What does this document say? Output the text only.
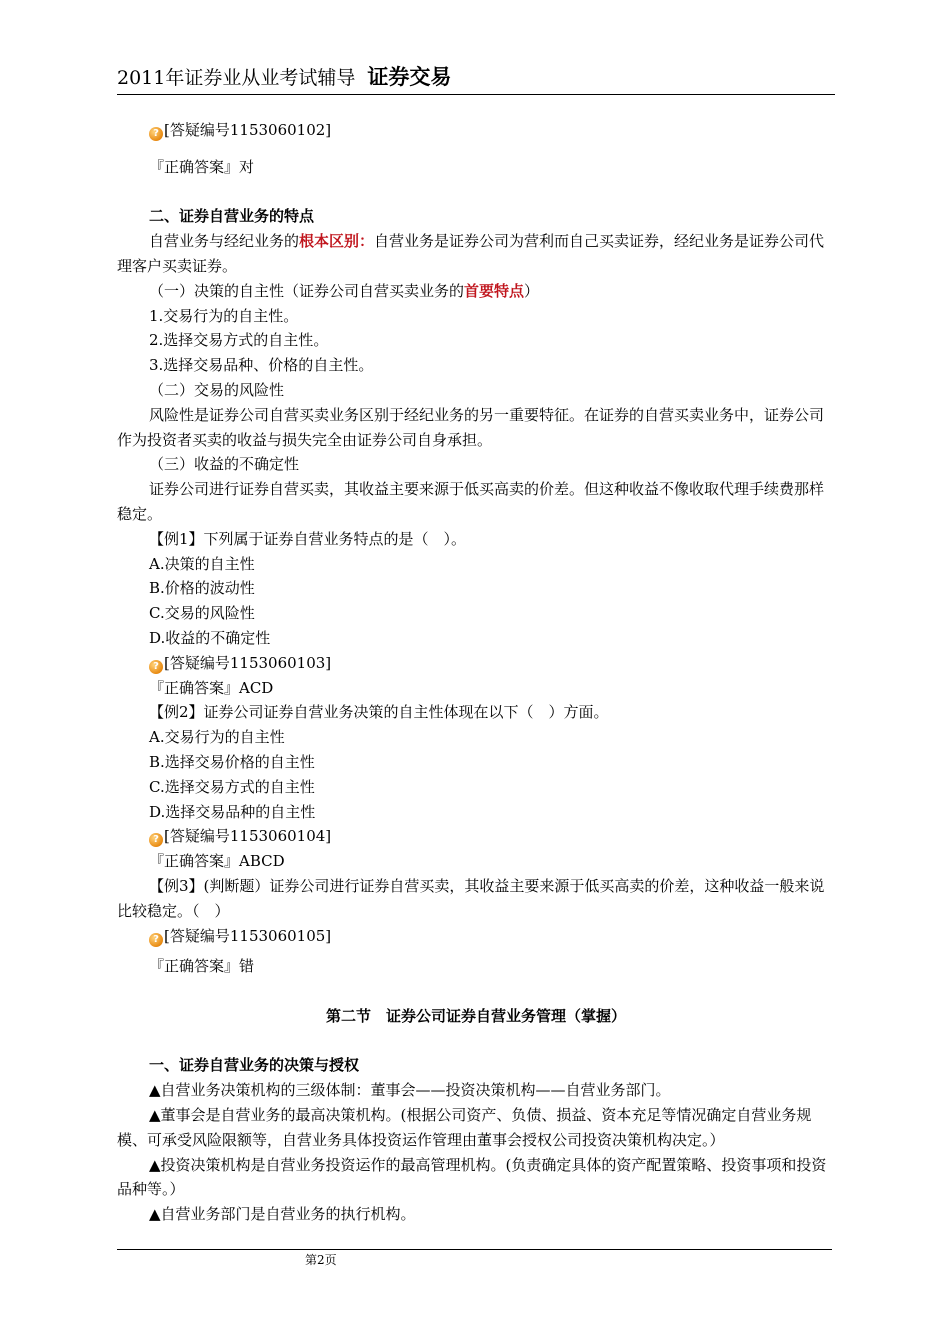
2011年证券业从业考试辅导 证券交易

? [答疑编号1153060102]

『正确答案』对

二、证券自营业务的特点

自营业务与经纪业务的根本区别：自营业务是证券公司为营利而自己买卖证券，经纪业务是证券公司代理客户买卖证券。

（一）决策的自主性（证券公司自营买卖业务的首要特点）

1.交易行为的自主性。

2.选择交易方式的自主性。

3.选择交易品种、价格的自主性。

（二）交易的风险性

风险性是证券公司自营买卖业务区别于经纪业务的另一重要特征。在证券的自营买卖业务中，证券公司作为投资者买卖的收益与损失完全由证券公司自身承担。

（三）收益的不确定性

证券公司进行证券自营买卖，其收益主要来源于低买高卖的价差。但这种收益不像收取代理手续费那样稳定。

【例1】下列属于证券自营业务特点的是（　）。

A.决策的自主性

B.价格的波动性

C.交易的风险性

D.收益的不确定性

? [答疑编号1153060103]

『正确答案』ACD

【例2】证券公司证券自营业务决策的自主性体现在以下（　）方面。

A.交易行为的自主性

B.选择交易价格的自主性

C.选择交易方式的自主性

D.选择交易品种的自主性

? [答疑编号1153060104]

『正确答案』ABCD

【例3】(判断题）证券公司进行证券自营买卖，其收益主要来源于低买高卖的价差，这种收益一般来说比较稳定。（　）

? [答疑编号1153060105]

『正确答案』错

第二节　证券公司证券自营业务管理（掌握）

一、证券自营业务的决策与授权

▲自营业务决策机构的三级体制：董事会——投资决策机构——自营业务部门。

▲董事会是自营业务的最高决策机构。(根据公司资产、负债、损益、资本充足等情况确定自营业务规模、可承受风险限额等，自营业务具体投资运作管理由董事会授权公司投资决策机构决定。）

▲投资决策机构是自营业务投资运作的最高管理机构。(负责确定具体的资产配置策略、投资事项和投资品种等。）

▲自营业务部门是自营业务的执行机构。

第2页
